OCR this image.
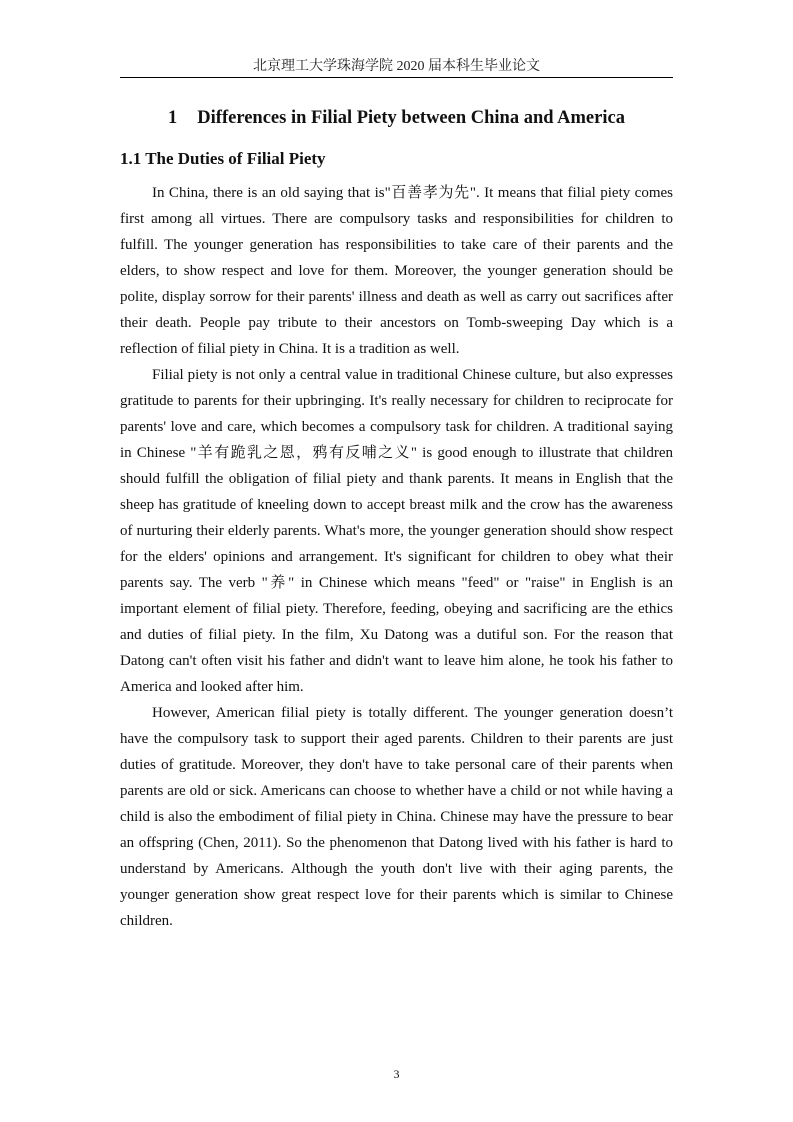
北京理工大学珠海学院 2020 届本科生毕业论文
1 Differences in Filial Piety between China and America
1.1 The Duties of Filial Piety

In China, there is an old saying that is"百善孝为先". It means that filial piety comes first among all virtues. There are compulsory tasks and responsibilities for children to fulfill. The younger generation has responsibilities to take care of their parents and the elders, to show respect and love for them. Moreover, the younger generation should be polite, display sorrow for their parents' illness and death as well as carry out sacrifices after their death. People pay tribute to their ancestors on Tomb-sweeping Day which is a reflection of filial piety in China. It is a tradition as well.

Filial piety is not only a central value in traditional Chinese culture, but also expresses gratitude to parents for their upbringing. It's really necessary for children to reciprocate for parents' love and care, which becomes a compulsory task for children. A traditional saying in Chinese "羊有跪乳之恩，鸦有反哺之义" is good enough to illustrate that children should fulfill the obligation of filial piety and thank parents. It means in English that the sheep has gratitude of kneeling down to accept breast milk and the crow has the awareness of nurturing their elderly parents. What's more, the younger generation should show respect for the elders' opinions and arrangement. It's significant for children to obey what their parents say. The verb "养" in Chinese which means "feed" or "raise" in English is an important element of filial piety. Therefore, feeding, obeying and sacrificing are the ethics and duties of filial piety. In the film, Xu Datong was a dutiful son. For the reason that Datong can't often visit his father and didn't want to leave him alone, he took his father to America and looked after him.

However, American filial piety is totally different. The younger generation doesn’t have the compulsory task to support their aged parents. Children to their parents are just duties of gratitude. Moreover, they don't have to take personal care of their parents when parents are old or sick. Americans can choose to whether have a child or not while having a child is also the embodiment of filial piety in China. Chinese may have the pressure to bear an offspring (Chen, 2011). So the phenomenon that Datong lived with his father is hard to understand by Americans. Although the youth don't live with their aging parents, the younger generation show great respect love for their parents which is similar to Chinese children.

3
